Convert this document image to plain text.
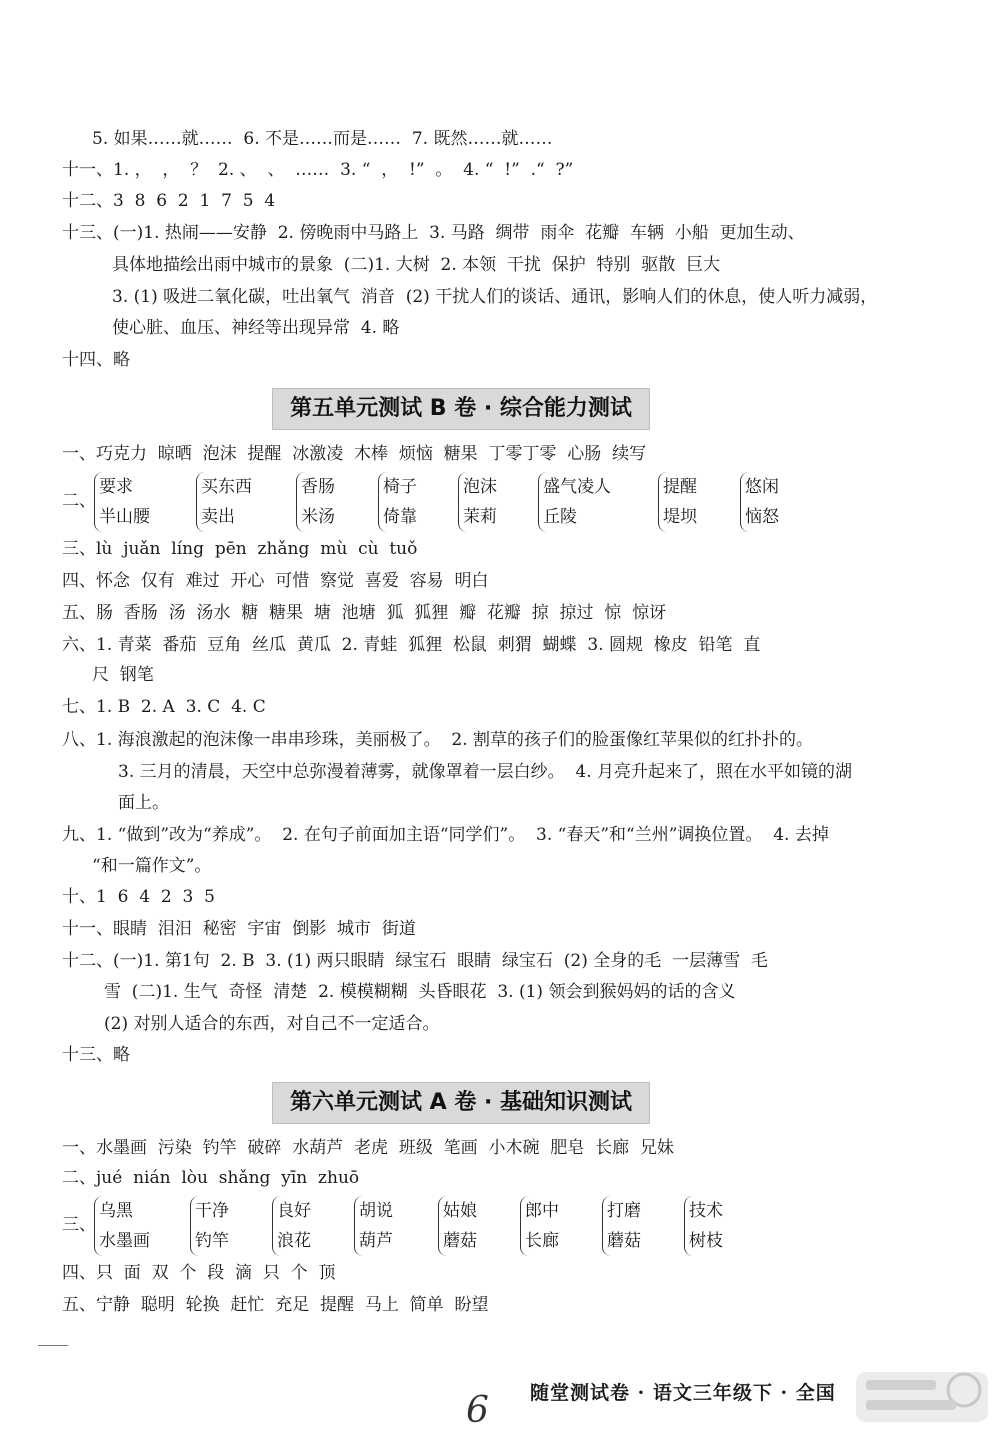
5. 如果……就……  6. 不是……而是……  7. 既然……就……
十一、1. ，  ，  ？  2. 、  、  ……  3. “  ，  !”  。  4. “  !”  .“  ?”
十二、3  8  6  2  1  7  5  4
十三、(一)1. 热闹——安静  2. 傍晚雨中马路上  3. 马路  绸带  雨伞  花瓣  车辆  小船  更加生动、
具体地描绘出雨中城市的景象  (二)1. 大树  2. 本领  干扰  保护  特别  驱散  巨大
3. (1) 吸进二氧化碳，吐出氧气  消音  (2) 干扰人们的谈话、通讯，影响人们的休息，使人听力减弱，
使心脏、血压、神经等出现异常  4. 略
十四、略
第五单元测试 B 卷 · 综合能力测试
一、巧克力  晾晒  泡沫  提醒  冰激凌  木棒  烦恼  糖果  丁零丁零  心肠  续写
二、
要求
半山腰
买东西
卖出
香肠
米汤
椅子
倚靠
泡沫
茉莉
盛气凌人
丘陵
提醒
堤坝
悠闲
恼怒
三、lù  juǎn  líng  pēn  zhǎng  mù  cù  tuǒ
四、怀念  仅有  难过  开心  可惜  察觉  喜爱  容易  明白
五、肠  香肠  汤  汤水  糖  糖果  塘  池塘  狐  狐狸  瓣  花瓣  掠  掠过  惊  惊讶
六、1. 青菜  番茄  豆角  丝瓜  黄瓜  2. 青蛙  狐狸  松鼠  刺猬  蝴蝶  3. 圆规  橡皮  铅笔  直
尺  钢笔
七、1. B  2. A  3. C  4. C
八、1. 海浪激起的泡沫像一串串珍珠，美丽极了。  2. 割草的孩子们的脸蛋像红苹果似的红扑扑的。
3. 三月的清晨，天空中总弥漫着薄雾，就像罩着一层白纱。  4. 月亮升起来了，照在水平如镜的湖
面上。
九、1. “做到”改为“养成”。  2. 在句子前面加主语“同学们”。  3. “春天”和“兰州”调换位置。  4. 去掉
“和一篇作文”。
十、1  6  4  2  3  5
十一、眼睛  泪汨  秘密  宇宙  倒影  城市  街道
十二、(一)1. 第1句  2. B  3. (1) 两只眼睛  绿宝石  眼睛  绿宝石  (2) 全身的毛  一层薄雪  毛
雪  (二)1. 生气  奇怪  清楚  2. 模模糊糊  头昏眼花  3. (1) 领会到猴妈妈的话的含义
(2) 对别人适合的东西，对自己不一定适合。
十三、略
第六单元测试 A 卷 · 基础知识测试
一、水墨画  污染  钓竿  破碎  水葫芦  老虎  班级  笔画  小木碗  肥皂  长廊  兄妹
二、jué  nián  lòu  shǎng  yīn  zhuō
三、
乌黑
水墨画
干净
钓竿
良好
浪花
胡说
葫芦
姑娘
蘑菇
郎中
长廊
打磨
蘑菇
技术
树枝
四、只  面  双  个  段  滴  只  个  顶
五、宁静  聪明  轮换  赶忙  充足  提醒  马上  简单  盼望
6 随堂测试卷 · 语文三年级下 · 全国
